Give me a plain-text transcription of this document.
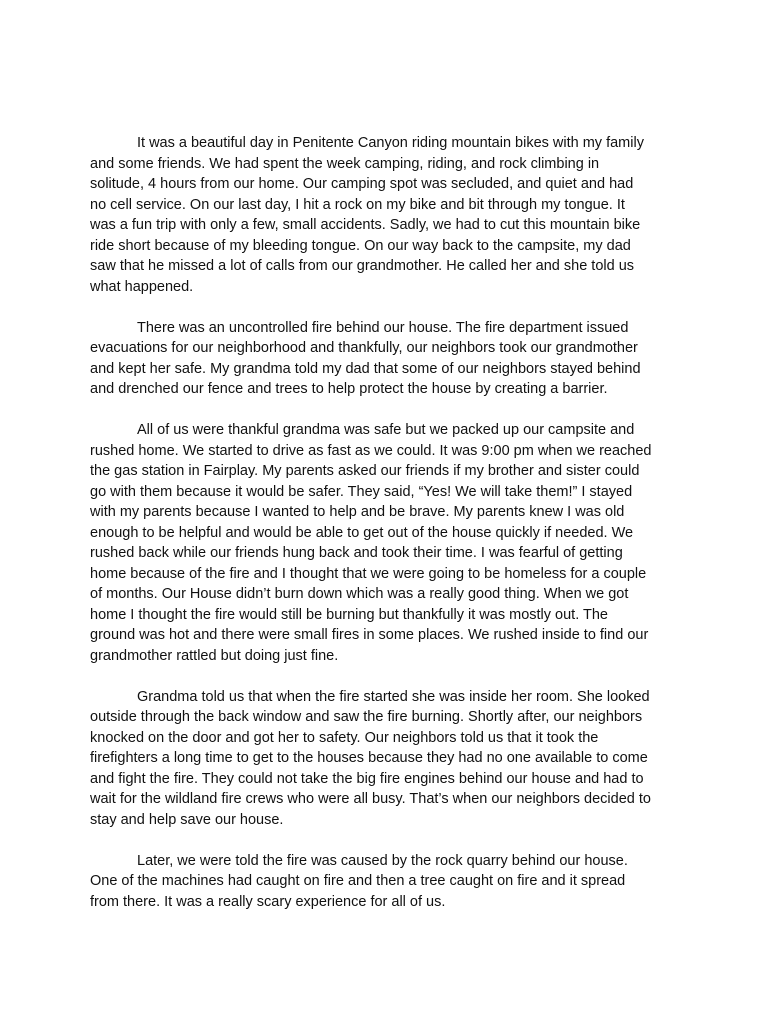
It was a beautiful day in Penitente Canyon riding mountain bikes with my family
and some friends. We had spent the week camping, riding, and rock climbing in
solitude, 4 hours from our home. Our camping spot was secluded, and quiet and had
no cell service. On our last day, I hit a rock on my bike and bit through my tongue. It
was a fun trip with only a few, small accidents. Sadly, we had to cut this mountain bike
ride short because of my bleeding tongue. On our way back to the campsite, my dad
saw that he missed a lot of calls from our grandmother. He called her and she told us
what happened.

There was an uncontrolled fire behind our house. The fire department issued
evacuations for our neighborhood and thankfully, our neighbors took our grandmother
and kept her safe. My grandma told my dad that some of our neighbors stayed behind
and drenched our fence and trees to help protect the house by creating a barrier.

All of us were thankful grandma was safe but we packed up our campsite and
rushed home. We started to drive as fast as we could. It was 9:00 pm when we reached
the gas station in Fairplay. My parents asked our friends if my brother and sister could
go with them because it would be safer. They said, “Yes! We will take them!” I stayed
with my parents because I wanted to help and be brave. My parents knew I was old
enough to be helpful and would be able to get out of the house quickly if needed. We
rushed back while our friends hung back and took their time. I was fearful of getting
home because of the fire and I thought that we were going to be homeless for a couple
of months. Our House didn’t burn down which was a really good thing. When we got
home I thought the fire would still be burning but thankfully it was mostly out. The
ground was hot and there were small fires in some places. We rushed inside to find our
grandmother rattled but doing just fine.

Grandma told us that when the fire started she was inside her room. She looked
outside through the back window and saw the fire burning. Shortly after, our neighbors
knocked on the door and got her to safety. Our neighbors told us that it took the
firefighters a long time to get to the houses because they had no one available to come
and fight the fire. They could not take the big fire engines behind our house and had to
wait for the wildland fire crews who were all busy. That’s when our neighbors decided to
stay and help save our house.

Later, we were told the fire was caused by the rock quarry behind our house.
One of the machines had caught on fire and then a tree caught on fire and it spread
from there. It was a really scary experience for all of us.
